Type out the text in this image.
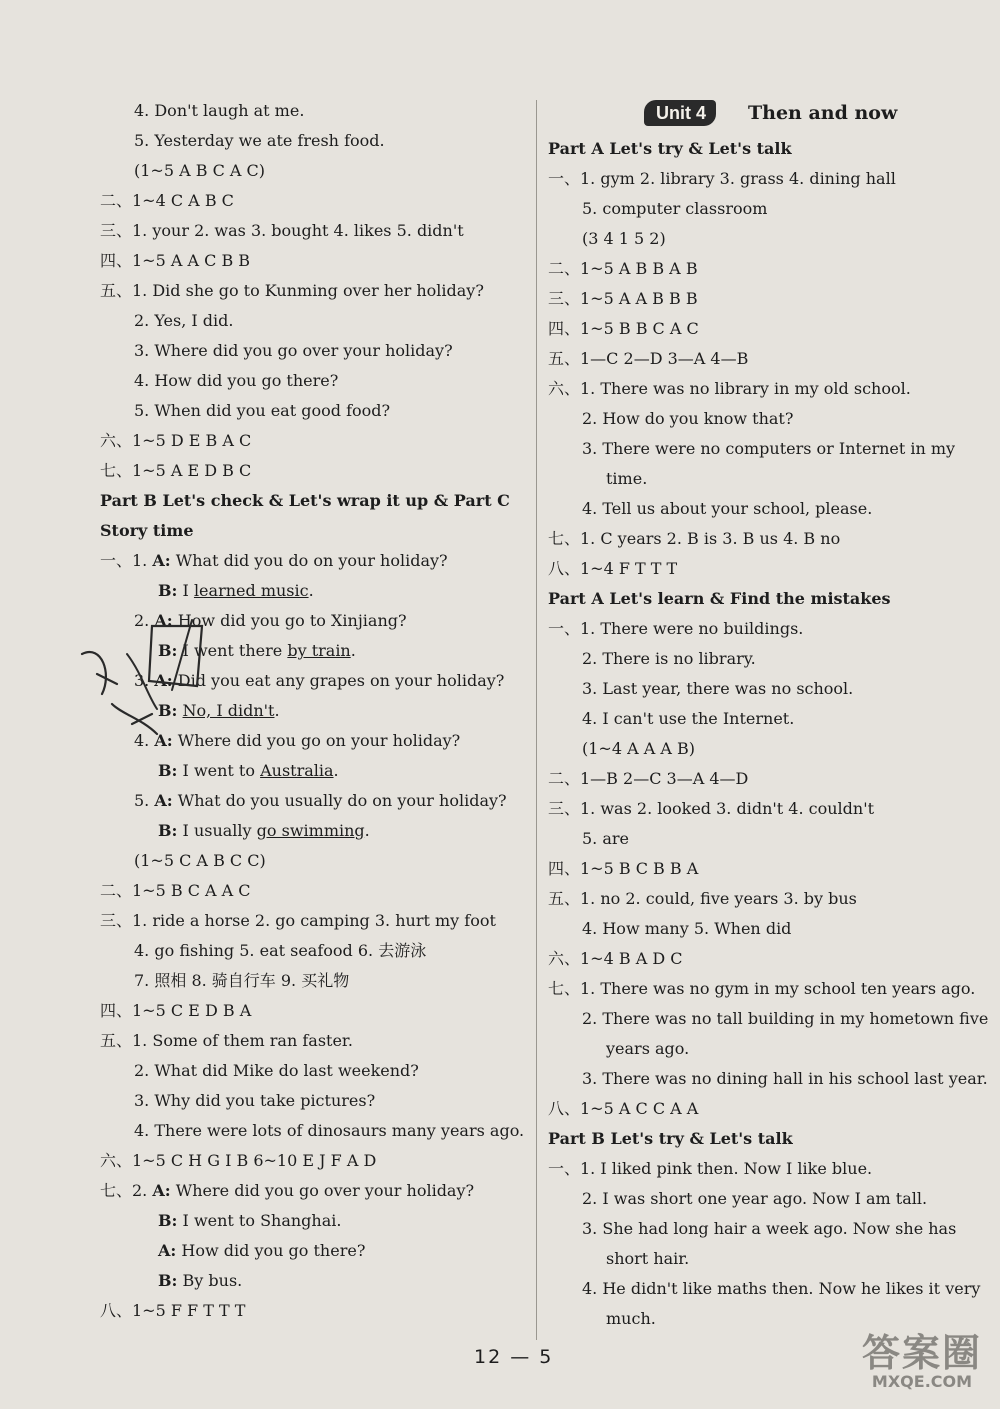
4. Don't laugh at me.
5. Yesterday we ate fresh food.
(1~5 A B C A C)
二、1~4 C A B C
三、1. your 2. was 3. bought 4. likes 5. didn't
四、1~5 A A C B B
五、1. Did she go to Kunming over her holiday?
2. Yes, I did.
3. Where did you go over your holiday?
4. How did you go there?
5. When did you eat good food?
六、1~5 D E B A C
七、1~5 A E D B C
Part B Let's check & Let's wrap it up & Part C
Story time
一、1. A: What did you do on your holiday?
B: I learned music.
2. A: How did you go to Xinjiang?
B: I went there by train.
3. A: Did you eat any grapes on your holiday?
B: No, I didn't.
4. A: Where did you go on your holiday?
B: I went to Australia.
5. A: What do you usually do on your holiday?
B: I usually go swimming.
(1~5 C A B C C)
二、1~5 B C A A C
三、1. ride a horse 2. go camping 3. hurt my foot
4. go fishing 5. eat seafood 6. 去游泳
7. 照相 8. 骑自行车 9. 买礼物
四、1~5 C E D B A
五、1. Some of them ran faster.
2. What did Mike do last weekend?
3. Why did you take pictures?
4. There were lots of dinosaurs many years ago.
六、1~5 C H G I B 6~10 E J F A D
七、2. A: Where did you go over your holiday?
B: I went to Shanghai.
A: How did you go there?
B: By bus.
八、1~5 F F T T T
Unit 4	Then and now
Part A Let's try & Let's talk
一、1. gym 2. library 3. grass 4. dining hall
5. computer classroom
(3 4 1 5 2)
二、1~5 A B B A B
三、1~5 A A B B B
四、1~5 B B C A C
五、1—C 2—D 3—A 4—B
六、1. There was no library in my old school.
2. How do you know that?
3. There were no computers or Internet in my
time.
4. Tell us about your school, please.
七、1. C years 2. B is 3. B us 4. B no
八、1~4 F T T T
Part A Let's learn & Find the mistakes
一、1. There were no buildings.
2. There is no library.
3. Last year, there was no school.
4. I can't use the Internet.
(1~4 A A A B)
二、1—B 2—C 3—A 4—D
三、1. was 2. looked 3. didn't 4. couldn't
5. are
四、1~5 B C B B A
五、1. no 2. could, five years 3. by bus
4. How many 5. When did
六、1~4 B A D C
七、1. There was no gym in my school ten years ago.
2. There was no tall building in my hometown five
years ago.
3. There was no dining hall in his school last year.
八、1~5 A C C A A
Part B Let's try & Let's talk
一、1. I liked pink then. Now I like blue.
2. I was short one year ago. Now I am tall.
3. She had long hair a week ago. Now she has
short hair.
4. He didn't like maths then. Now he likes it very
much.
12 — 5	答案圈
MXQE.COM
